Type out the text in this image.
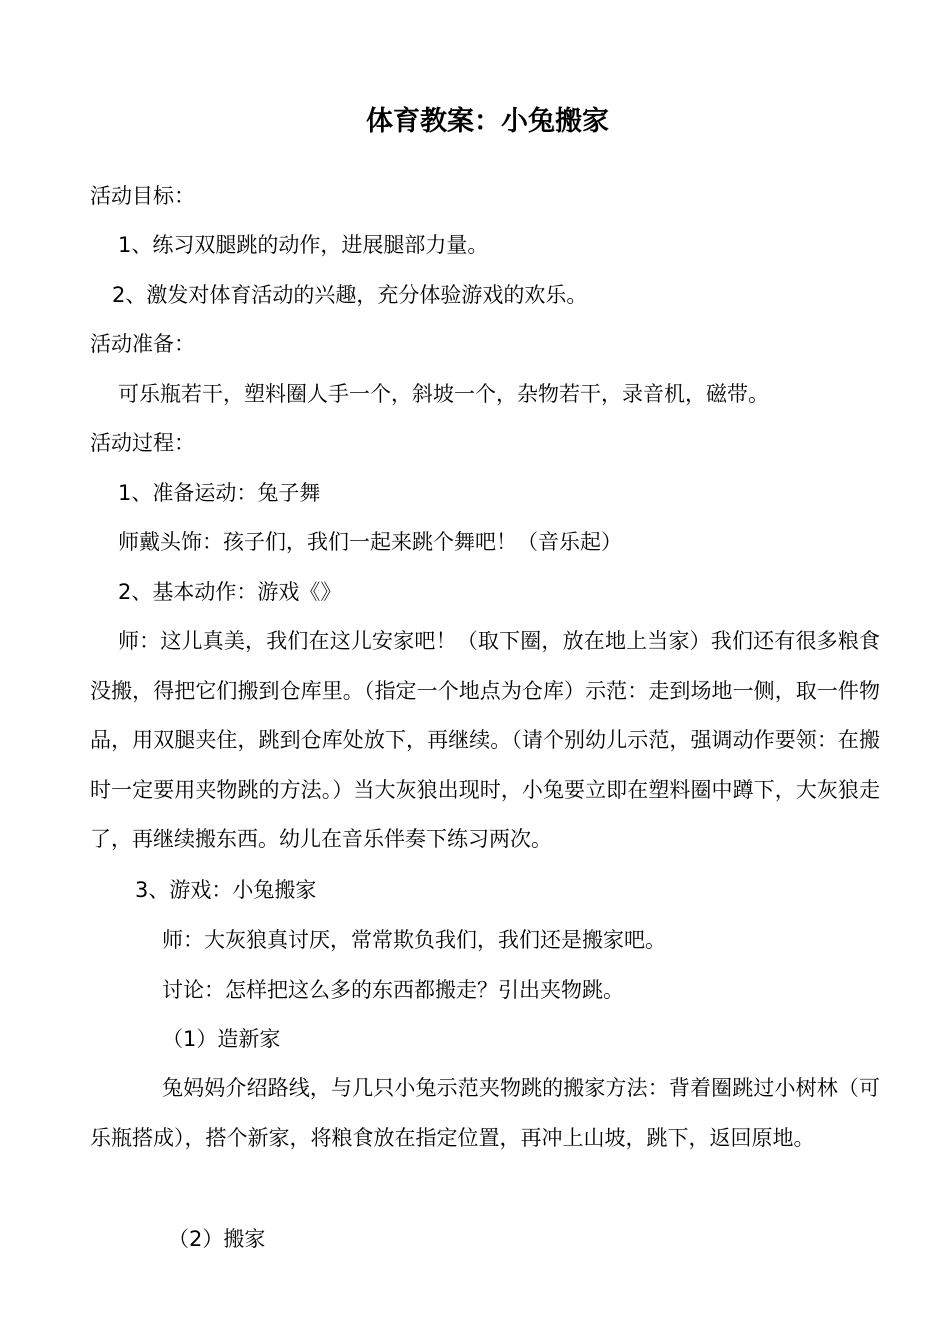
体育教案：小兔搬家
活动目标：
1、练习双腿跳的动作，进展腿部力量。
2、激发对体育活动的兴趣，充分体验游戏的欢乐。
活动准备：
可乐瓶若干，塑料圈人手一个，斜坡一个，杂物若干，录音机，磁带。
活动过程：
1、准备运动：兔子舞
师戴头饰：孩子们，我们一起来跳个舞吧！（音乐起）
2、基本动作：游戏《》
师：这儿真美，我们在这儿安家吧！（取下圈，放在地上当家）我们还有很多粮食没搬，得把它们搬到仓库里。（指定一个地点为仓库）示范：走到场地一侧，取一件物品，用双腿夹住，跳到仓库处放下，再继续。（请个别幼儿示范，强调动作要领：在搬时一定要用夹物跳的方法。）当大灰狼出现时，小兔要立即在塑料圈中蹲下，大灰狼走了，再继续搬东西。幼儿在音乐伴奏下练习两次。
3、游戏：小兔搬家
师：大灰狼真讨厌，常常欺负我们，我们还是搬家吧。
讨论：怎样把这么多的东西都搬走？引出夹物跳。
（1）造新家
兔妈妈介绍路线，与几只小兔示范夹物跳的搬家方法：背着圈跳过小树林（可乐瓶搭成），搭个新家，将粮食放在指定位置，再冲上山坡，跳下，返回原地。
（2）搬家
